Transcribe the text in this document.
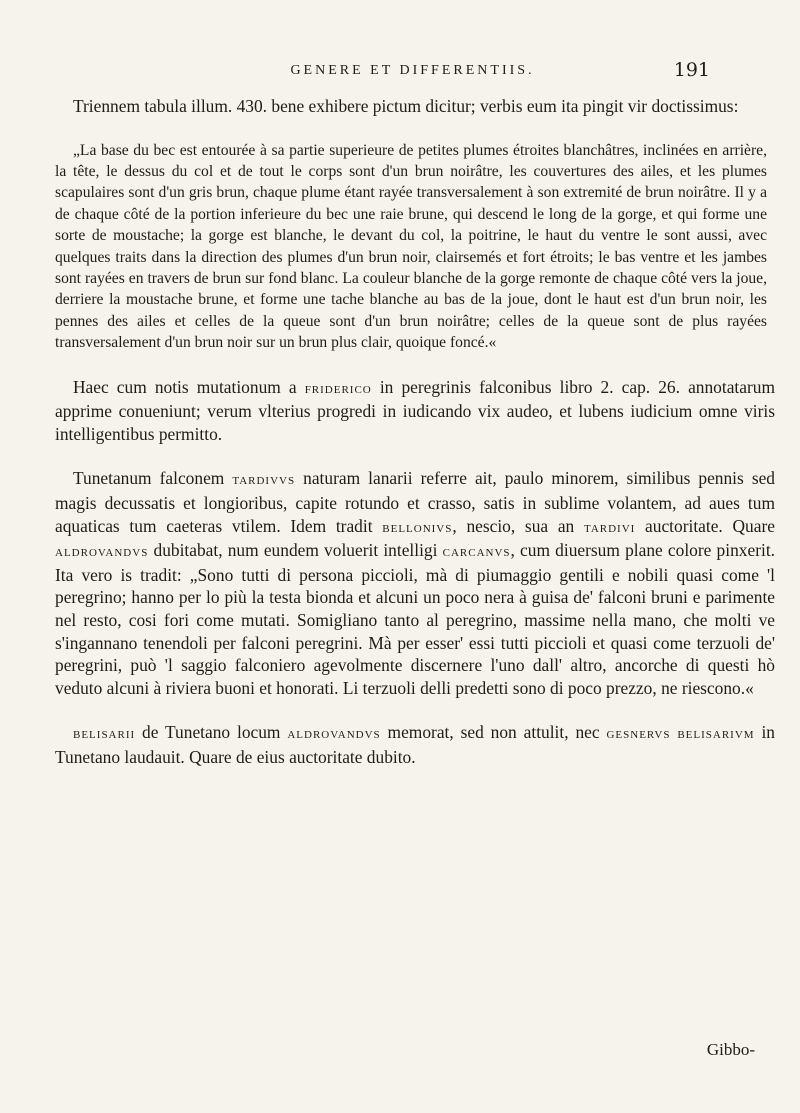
GENERE ET DIFFERENTIIS.	191

Triennem tabula illum. 430. bene exhibere pictum dicitur; verbis eum ita pingit vir doctissimus:

„La base du bec est entourée à sa partie superieure de petites plumes étroites blanchâtres, inclinées en arrière, la tête, le dessus du col et de tout le corps sont d'un brun noirâtre, les couvertures des ailes, et les plumes scapulaires sont d'un gris brun, chaque plume étant rayée transversalement à son extremité de brun noirâtre. Il y a de chaque côté de la portion inferieure du bec une raie brune, qui descend le long de la gorge, et qui forme une sorte de moustache; la gorge est blanche, le devant du col, la poitrine, le haut du ventre le sont aussi, avec quelques traits dans la direction des plumes d'un brun noir, clairsemés et fort étroits; le bas ventre et les jambes sont rayées en travers de brun sur fond blanc. La couleur blanche de la gorge remonte de chaque côté vers la joue, derriere la moustache brune, et forme une tache blanche au bas de la joue, dont le haut est d'un brun noir, les pennes des ailes et celles de la queue sont d'un brun noirâtre; celles de la queue sont de plus rayées transversalement d'un brun noir sur un brun plus clair, quoique foncé.«

Haec cum notis mutationum a friderico in peregrinis falconibus libro 2. cap. 26. annotatarum apprime conueniunt; verum vlterius progredi in iudicando vix audeo, et lubens iudicium omne viris intelligentibus permitto.

Tunetanum falconem tardivvs naturam lanarii referre ait, paulo minorem, similibus pennis sed magis decussatis et longioribus, capite rotundo et crasso, satis in sublime volantem, ad aues tum aquaticas tum caeteras vtilem. Idem tradit bellonivs, nescio, sua an tardivi auctoritate. Quare aldrovandvs dubitabat, num eundem voluerit intelligi carcanvs, cum diuersum plane colore pinxerit. Ita vero is tradit: „Sono tutti di persona piccioli, mà di piumaggio gentili e nobili quasi come 'l peregrino; hanno per lo più la testa bionda et alcuni un poco nera à guisa de' falconi bruni e parimente nel resto, cosi fori come mutati. Somigliano tanto al peregrino, massime nella mano, che molti ve s'ingannano tenendoli per falconi peregrini. Mà per esser' essi tutti piccioli et quasi come terzuoli de' peregrini, può 'l saggio falconiero agevolmente discernere l'uno dall' altro, ancorche di questi hò veduto alcuni à riviera buoni et honorati. Li terzuoli delli predetti sono di poco prezzo, ne riescono.«

belisarii de Tunetano locum aldrovandvs memorat, sed non attulit, nec gesnervs belisarivm in Tunetano laudauit. Quare de eius auctoritate dubito.

Gibbo-
